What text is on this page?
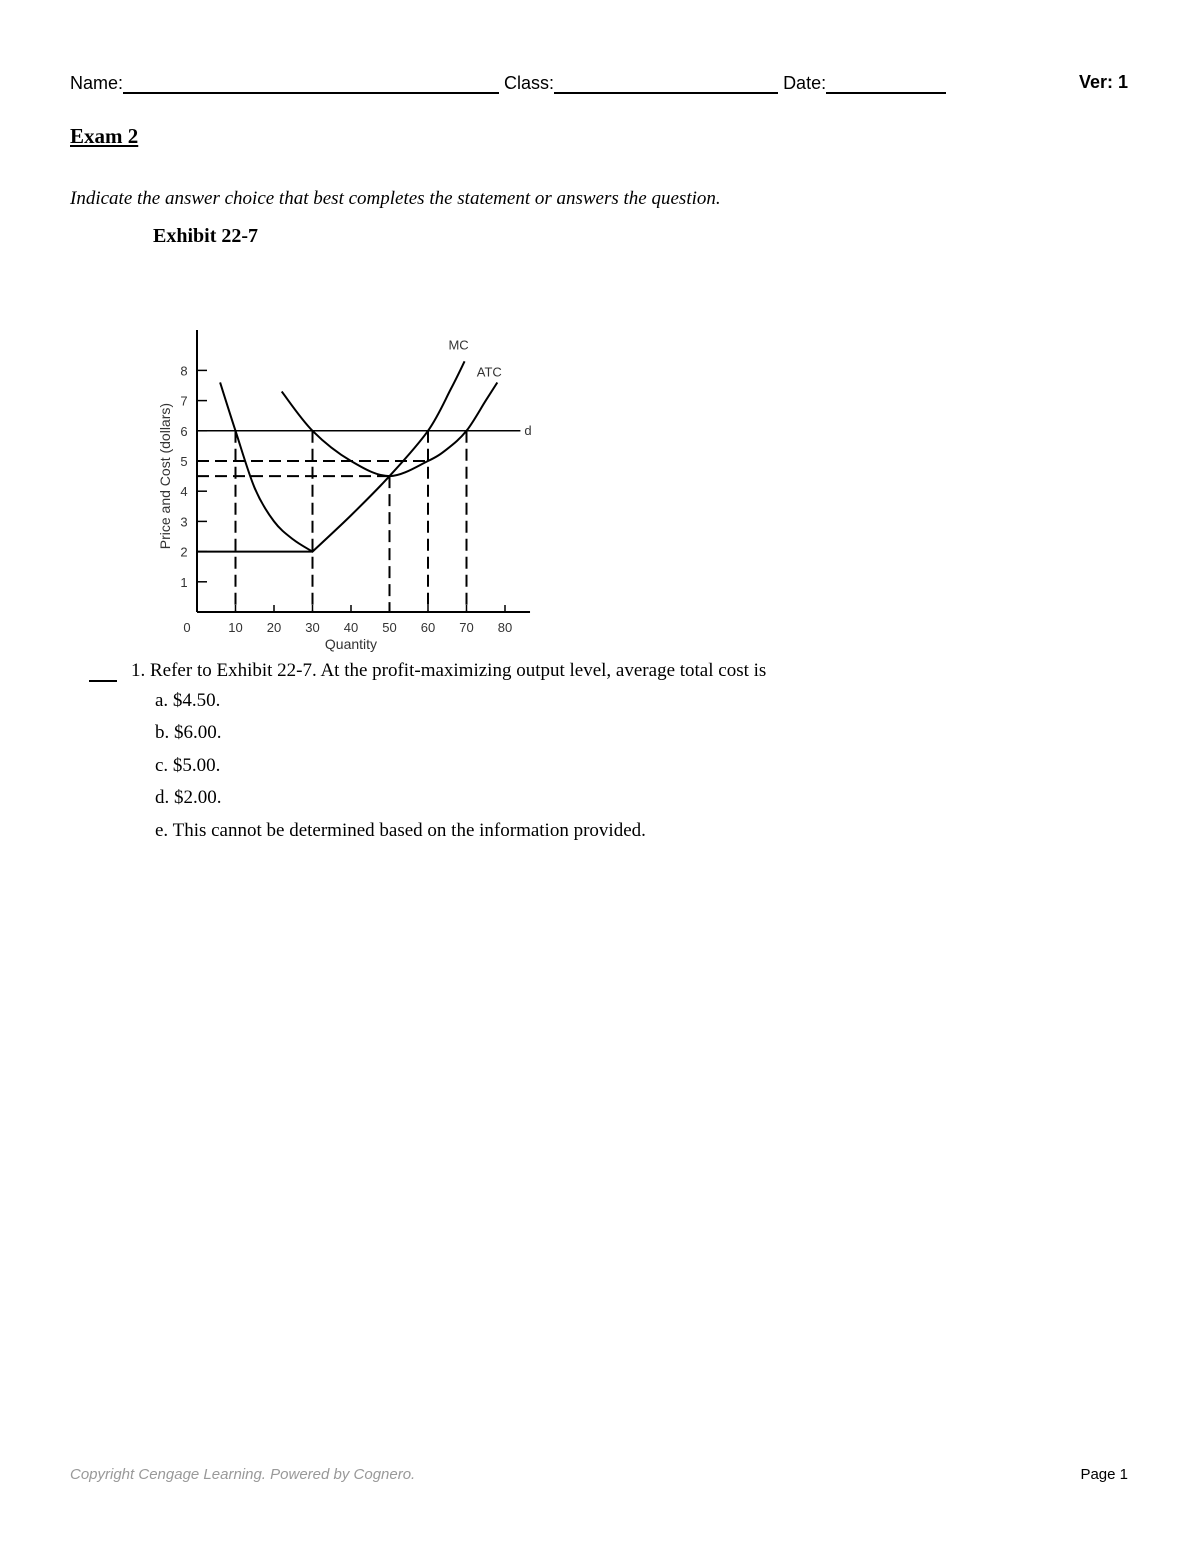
Name:	Class:	Date:	Ver: 1
Exam 2
Indicate the answer choice that best completes the statement or answers the question.
Exhibit 22-7
1
2
3
4
5
6
7
8
0	10 20 30 40 50 60 70 80
Quantity
Price and Cost (dollars)
MC
ATC
d
1. Refer to Exhibit 22-7. At the profit-maximizing output level, average total cost is
a. $4.50.
b. $6.00.
c. $5.00.
d. $2.00.
e. This cannot be determined based on the information provided.
Copyright Cengage Learning. Powered by Cognero.	Page 1
